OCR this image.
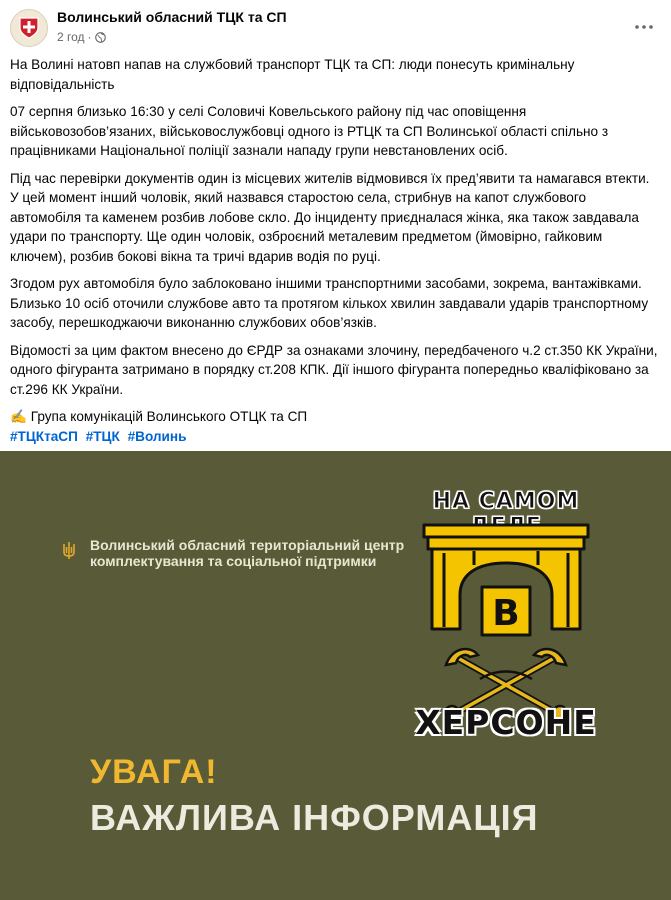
Волинський обласний ТЦК та СП
2 год ·

На Волині натовп напав на службовий транспорт ТЦК та СП: люди понесуть кримінальну відповідальність

07 серпня близько 16:30 у селі Соловичі Ковельського району під час оповіщення військовозобов’язаних, військовослужбовці одного із РТЦК та СП Волинської області спільно з працівниками Національної поліції зазнали нападу групи невстановлених осіб.

Під час перевірки документів один із місцевих жителів відмовився їх пред’явити та намагався втекти. У цей момент інший чоловік, який назвався старостою села, стрибнув на капот службового автомобіля та каменем розбив лобове скло. До інциденту приєдналася жінка, яка також завдавала удари по транспорту. Ще один чоловік, озброєний металевим предметом (ймовірно, гайковим ключем), розбив бокові вікна та тричі вдарив водія по руці.

Згодом рух автомобіля було заблоковано іншими транспортними засобами, зокрема, вантажівками. Близько 10 осіб оточили службове авто та протягом кількох хвилин завдавали ударів транспортному засобу, перешкоджаючи виконанню службових обов’язків.

Відомості за цим фактом внесено до ЄРДР за ознаками злочину, передбаченого ч.2 ст.350 КК України, одного фігуранта затримано в порядку ст.208 КПК. Дії іншого фігуранта попередньо кваліфіковано за ст.296 КК України.

✍ Група комунікацій Волинського ОТЦК та СП

#ТЦКтаСП #ТЦК #Волинь
Волинський обласний територіальний центр
комплектування та соціальної підтримки
НА САМОМ
В
ХЕРСОНЕ
УВАГА!
ВАЖЛИВА ІНФОРМАЦІЯ
